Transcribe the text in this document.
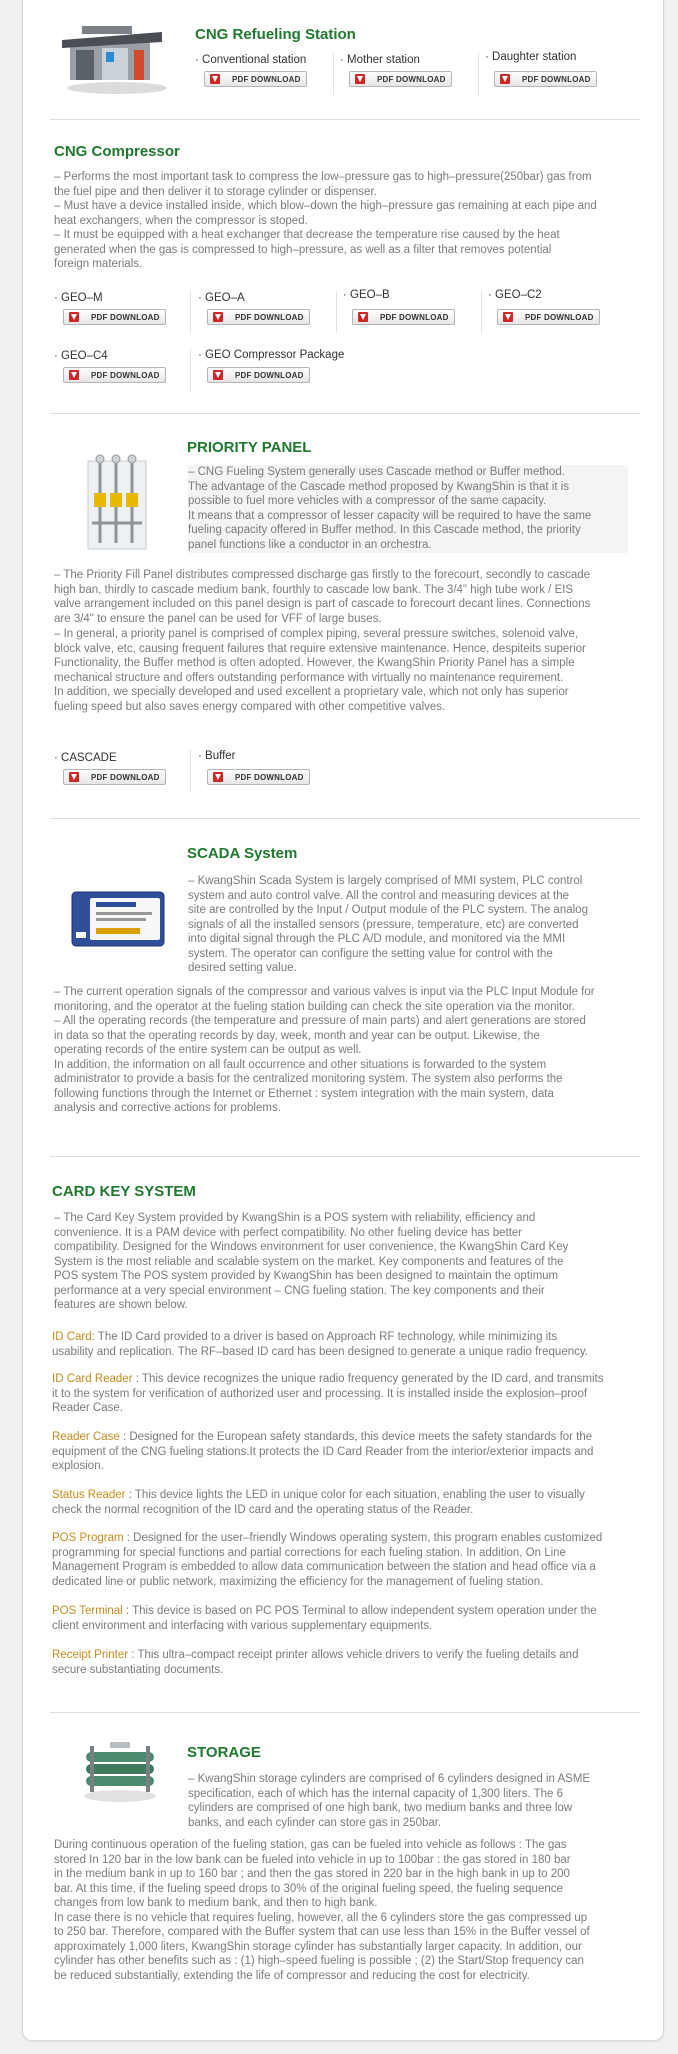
CNG Refueling Station
· Conventional station
PDF DOWNLOAD
· Mother station
PDF DOWNLOAD
· Daughter station
PDF DOWNLOAD
CNG Compressor
– Performs the most important task to compress the low–pressure gas to high–pressure(250bar) gas from
the fuel pipe and then deliver it to storage cylinder or dispenser.
– Must have a device installed inside, which blow–down the high–pressure gas remaining at each pipe and
heat exchangers, when the compressor is stoped.
– It must be equipped with a heat exchanger that decrease the temperature rise caused by the heat
generated when the gas is compressed to high–pressure, as well as a filter that removes potential
foreign materials.
· GEO–M
PDF DOWNLOAD
· GEO–A
PDF DOWNLOAD
· GEO–B
PDF DOWNLOAD
· GEO–C2
PDF DOWNLOAD
· GEO–C4
PDF DOWNLOAD
· GEO Compressor Package
PDF DOWNLOAD
PRIORITY PANEL
– CNG Fueling System generally uses Cascade method or Buffer method.
The advantage of the Cascade method proposed by KwangShin is that it is
possible to fuel more vehicles with a compressor of the same capacity.
It means that a compressor of lesser capacity will be required to have the same
fueling capacity offered in Buffer method. In this Cascade method, the priority
panel functions like a conductor in an orchestra.
– The Priority Fill Panel distributes compressed discharge gas firstly to the forecourt, secondly to cascade
high ban, thirdly to cascade medium bank, fourthly to cascade low bank. The 3/4" high tube work / EIS
valve arrangement included on this panel design is part of cascade to forecourt decant lines. Connections
are 3/4" to ensure the panel can be used for VFF of large buses.
– In general, a priority panel is comprised of complex piping, several pressure switches, solenoid valve,
block valve, etc, causing frequent failures that require extensive maintenance. Hence, despiteits superior
Functionality, the Buffer method is often adopted. However, the KwangShin Priority Panel has a simple
mechanical structure and offers outstanding performance with virtually no maintenance requirement.
In addition, we specially developed and used excellent a proprietary vale, which not only has superior
fueling speed but also saves energy compared with other competitive valves.
· CASCADE
PDF DOWNLOAD
· Buffer
PDF DOWNLOAD
SCADA System
– KwangShin Scada System is largely comprised of MMI system, PLC control
system and auto control valve. All the control and measuring devices at the
site are controlled by the Input / Output module of the PLC system. The analog
signals of all the installed sensors (pressure, temperature, etc) are converted
into digital signal through the PLC A/D module, and monitored via the MMI
system. The operator can configure the setting value for control with the
desired setting value.
– The current operation signals of the compressor and various valves is input via the PLC Input Module for
monitoring, and the operator at the fueling station building can check the site operation via the monitor.
– All the operating records (the temperature and pressure of main parts) and alert generations are stored
in data so that the operating records by day, week, month and year can be output. Likewise, the
operating records of the entire system can be output as well.
In addition, the information on all fault occurrence and other situations is forwarded to the system
administrator to provide a basis for the centralized monitoring system. The system also performs the
following functions through the Internet or Ethernet : system integration with the main system, data
analysis and corrective actions for problems.
CARD KEY SYSTEM
– The Card Key System provided by KwangShin is a POS system with reliability, efficiency and
convenience. It is a PAM device with perfect compatibility. No other fueling device has better
compatibility. Designed for the Windows environment for user convenience, the KwangShin Card Key
System is the most reliable and scalable system on the market. Key components and features of the
POS system The POS system provided by KwangShin has been designed to maintain the optimum
performance at a very special environment – CNG fueling station. The key components and their
features are shown below.
ID Card: The ID Card provided to a driver is based on Approach RF technology, while minimizing its
usability and replication. The RF–based ID card has been designed to generate a unique radio frequency.
ID Card Reader : This device recognizes the unique radio frequency generated by the ID card, and transmits
it to the system for verification of authorized user and processing. It is installed inside the explosion–proof
Reader Case.
Reader Case : Designed for the European safety standards, this device meets the safety standards for the
equipment of the CNG fueling stations.It protects the ID Card Reader from the interior/exterior impacts and
explosion.
Status Reader : This device lights the LED in unique color for each situation, enabling the user to visually
check the normal recognition of the ID card and the operating status of the Reader.
POS Program : Designed for the user–friendly Windows operating system, this program enables customized
programming for special functions and partial corrections for each fueling station. In addition, On Line
Management Program is embedded to allow data communication between the station and head office via a
dedicated line or public network, maximizing the efficiency for the management of fueling station.
POS Terminal : This device is based on PC POS Terminal to allow independent system operation under the
client environment and interfacing with various supplementary equipments.
Receipt Printer : This ultra–compact receipt printer allows vehicle drivers to verify the fueling details and
secure substantiating documents.
STORAGE
– KwangShin storage cylinders are comprised of 6 cylinders designed in ASME
specification, each of which has the internal capacity of 1,300 liters. The 6
cylinders are comprised of one high bank, two medium banks and three low
banks, and each cylinder can store gas in 250bar.
During continuous operation of the fueling station, gas can be fueled into vehicle as follows : The gas
stored In 120 bar in the low bank can be fueled into vehicle in up to 100bar : the gas stored in 180 bar
in the medium bank in up to 160 bar ; and then the gas stored in 220 bar in the high bank in up to 200
bar. At this time, if the fueling speed drops to 30% of the original fueling speed, the fueling sequence
changes from low bank to medium bank, and then to high bank.
In case there is no vehicle that requires fueling, however, all the 6 cylinders store the gas compressed up
to 250 bar. Therefore, compared with the Buffer system that can use less than 15% in the Buffer vessel of
approximately 1,000 liters, KwangShin storage cylinder has substantially larger capacity. In addition, our
cylinder has other benefits such as : (1) high–speed fueling is possible ; (2) the Start/Stop frequency can
be reduced substantially, extending the life of compressor and reducing the cost for electricity.
